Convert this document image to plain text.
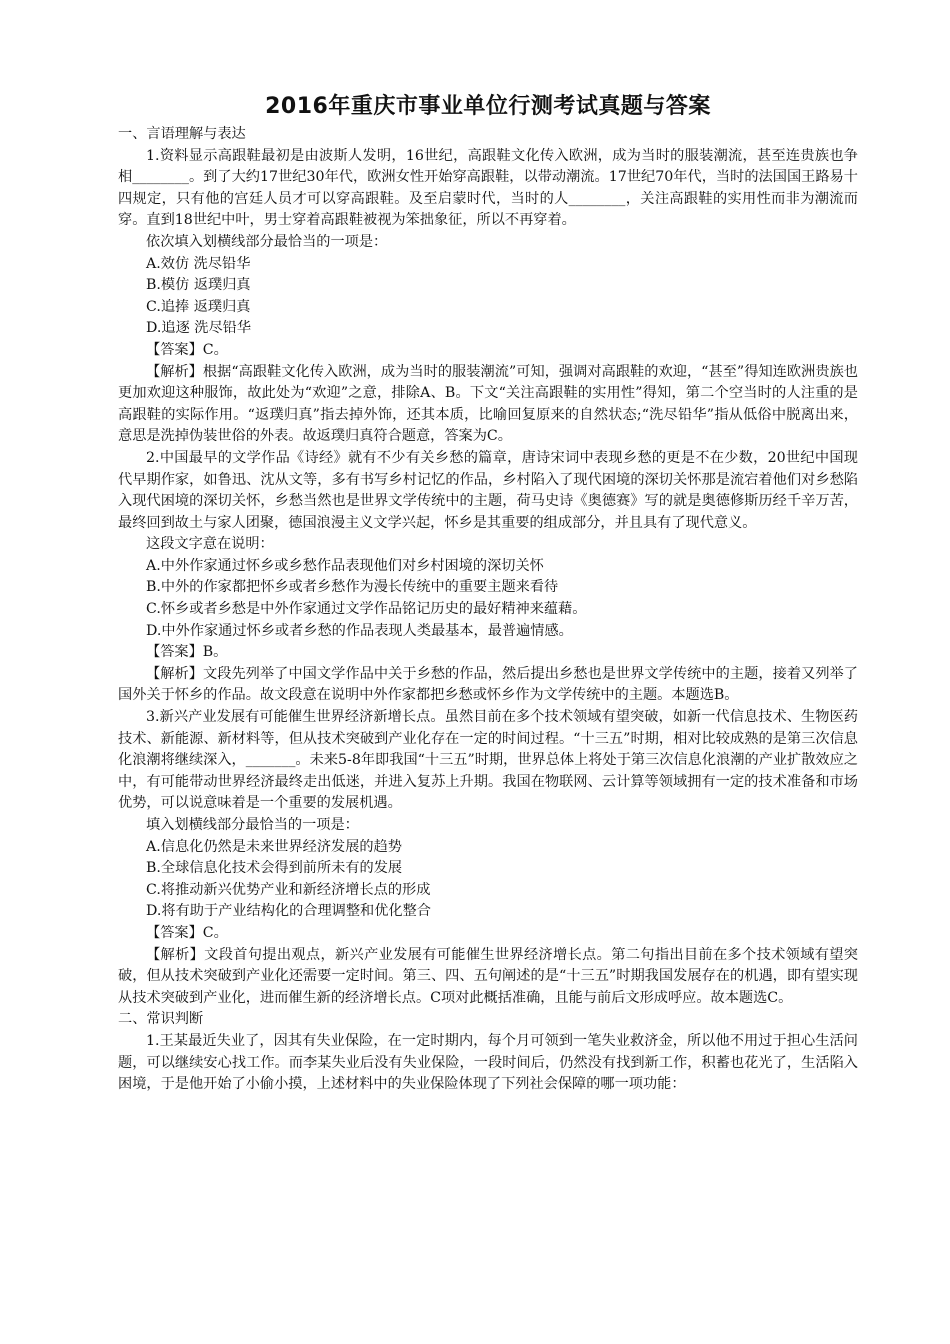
2016年重庆市事业单位行测考试真题与答案

一、言语理解与表达

1.资料显示高跟鞋最初是由波斯人发明，16世纪，高跟鞋文化传入欧洲，成为当时的服装潮流，甚至连贵族也争相________。到了大约17世纪30年代，欧洲女性开始穿高跟鞋，以带动潮流。17世纪70年代，当时的法国国王路易十四规定，只有他的宫廷人员才可以穿高跟鞋。及至启蒙时代，当时的人________，关注高跟鞋的实用性而非为潮流而穿。直到18世纪中叶，男士穿着高跟鞋被视为笨拙象征，所以不再穿着。

依次填入划横线部分最恰当的一项是：

A.效仿 洗尽铅华

B.模仿 返璞归真

C.追捧 返璞归真

D.追逐 洗尽铅华

【答案】C。

【解析】根据“高跟鞋文化传入欧洲，成为当时的服装潮流”可知，强调对高跟鞋的欢迎，“甚至”得知连欧洲贵族也更加欢迎这种服饰，故此处为“欢迎”之意，排除A、B。下文“关注高跟鞋的实用性”得知，第二个空当时的人注重的是高跟鞋的实际作用。“返璞归真”指去掉外饰，还其本质，比喻回复原来的自然状态;“洗尽铅华”指从低俗中脱离出来，意思是洗掉伪装世俗的外表。故返璞归真符合题意，答案为C。

2.中国最早的文学作品《诗经》就有不少有关乡愁的篇章，唐诗宋词中表现乡愁的更是不在少数，20世纪中国现代早期作家，如鲁迅、沈从文等，多有书写乡村记忆的作品，乡村陷入了现代困境的深切关怀那是流宕着他们对乡愁陷入现代困境的深切关怀，乡愁当然也是世界文学传统中的主题，荷马史诗《奥德赛》写的就是奥德修斯历经千辛万苦，最终回到故土与家人团聚，德国浪漫主义文学兴起，怀乡是其重要的组成部分，并且具有了现代意义。

这段文字意在说明：

A.中外作家通过怀乡或乡愁作品表现他们对乡村困境的深切关怀

B.中外的作家都把怀乡或者乡愁作为漫长传统中的重要主题来看待

C.怀乡或者乡愁是中外作家通过文学作品铭记历史的最好精神来蕴藉。

D.中外作家通过怀乡或者乡愁的作品表现人类最基本，最普遍情感。

【答案】B。

【解析】文段先列举了中国文学作品中关于乡愁的作品，然后提出乡愁也是世界文学传统中的主题，接着又列举了国外关于怀乡的作品。故文段意在说明中外作家都把乡愁或怀乡作为文学传统中的主题。本题选B。

3.新兴产业发展有可能催生世界经济新增长点。虽然目前在多个技术领域有望突破，如新一代信息技术、生物医药技术、新能源、新材料等，但从技术突破到产业化存在一定的时间过程。“十三五”时期，相对比较成熟的是第三次信息化浪潮将继续深入，_______。未来5-8年即我国“十三五”时期，世界总体上将处于第三次信息化浪潮的产业扩散效应之中，有可能带动世界经济最终走出低迷，并进入复苏上升期。我国在物联网、云计算等领域拥有一定的技术准备和市场优势，可以说意味着是一个重要的发展机遇。

填入划横线部分最恰当的一项是：

A.信息化仍然是未来世界经济发展的趋势

B.全球信息化技术会得到前所未有的发展

C.将推动新兴优势产业和新经济增长点的形成

D.将有助于产业结构化的合理调整和优化整合

【答案】C。

【解析】文段首句提出观点，新兴产业发展有可能催生世界经济增长点。第二句指出目前在多个技术领域有望突破，但从技术突破到产业化还需要一定时间。第三、四、五句阐述的是“十三五”时期我国发展存在的机遇，即有望实现从技术突破到产业化，进而催生新的经济增长点。C项对此概括准确，且能与前后文形成呼应。故本题选C。

二、常识判断

1.王某最近失业了，因其有失业保险，在一定时期内，每个月可领到一笔失业救济金，所以他不用过于担心生活问题，可以继续安心找工作。而李某失业后没有失业保险，一段时间后，仍然没有找到新工作，积蓄也花光了，生活陷入困境，于是他开始了小偷小摸，上述材料中的失业保险体现了下列社会保障的哪一项功能：
